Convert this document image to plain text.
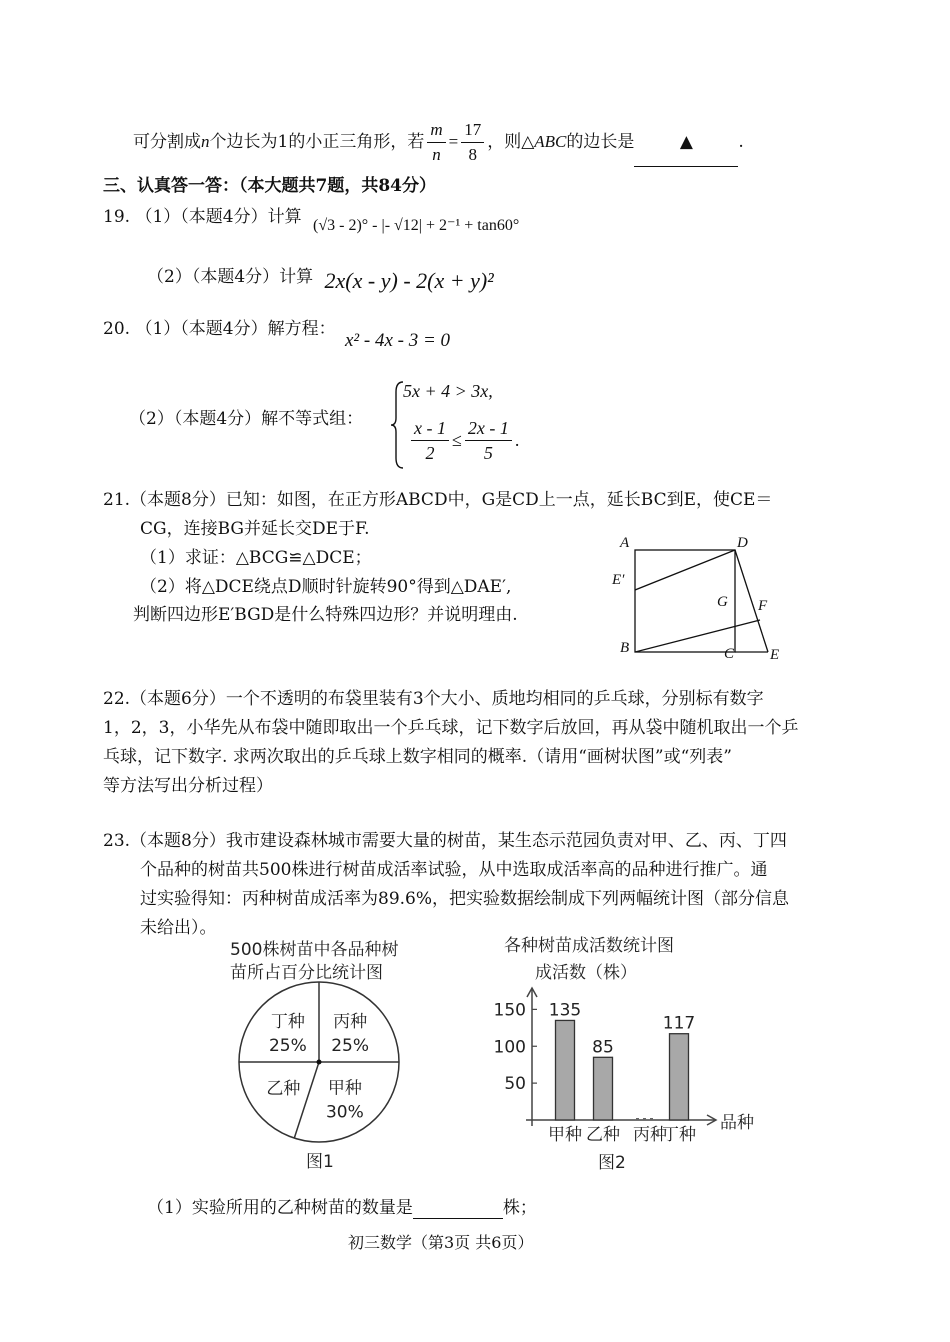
可分割成n个边长为1的小正三角形，若 $\frac{m}{n} = \frac{17}{8}$ ，则△ABC的边长是	▲	.
三、认真答一答：（本大题共7题，共84分）
19. （1）（本题4分）计算 (√3 - 2)° - |- √12| + 2⁻¹ + tan60°
（2）（本题4分）计算 2x(x - y) - 2(x + y)²
20. （1）（本题4分）解方程： x² - 4x - 3 = 0
（2）（本题4分）解不等式组：
5x + 4 > 3x,
$\frac{x - 1}{2} \le \frac{2x - 1}{5}$ .
21.（本题8分）已知：如图，在正方形ABCD中，G是CD上一点，延长BC到E，使CE＝
CG，连接BG并延长交DE于F.
（1）求证：△BCG≌△DCE；
（2）将△DCE绕点D顺时针旋转90°得到△DAE′,
判断四边形E′BGD是什么特殊四边形？并说明理由.
A	D
E′
G F
B	C E
22.（本题6分）一个不透明的布袋里装有3个大小、质地均相同的乒乓球，分别标有数字
1，2，3，小华先从布袋中随即取出一个乒乓球，记下数字后放回，再从袋中随机取出一个乒
乓球，记下数字. 求两次取出的乒乓球上数字相同的概率.（请用“画树状图”或“列表”
等方法写出分析过程）
23.（本题8分）我市建设森林城市需要大量的树苗，某生态示范园负责对甲、乙、丙、丁四
个品种的树苗共500株进行树苗成活率试验，从中选取成活率高的品种进行推广。通
过实验得知：丙种树苗成活率为89.6%，把实验数据绘制成下列两幅统计图（部分信息
未给出）。
500株树苗中各品种树
苗所占百分比统计图
丙种
25%
甲种
30%
乙种
丁种
25%
图1
各种树苗成活数统计图
成活数（株）
50
100
150 135
甲种
85
乙种 丙种
117
丁种
品种
图2
（1）实验所用的乙种树苗的数量是	株；
初三数学（第3页 共6页）
